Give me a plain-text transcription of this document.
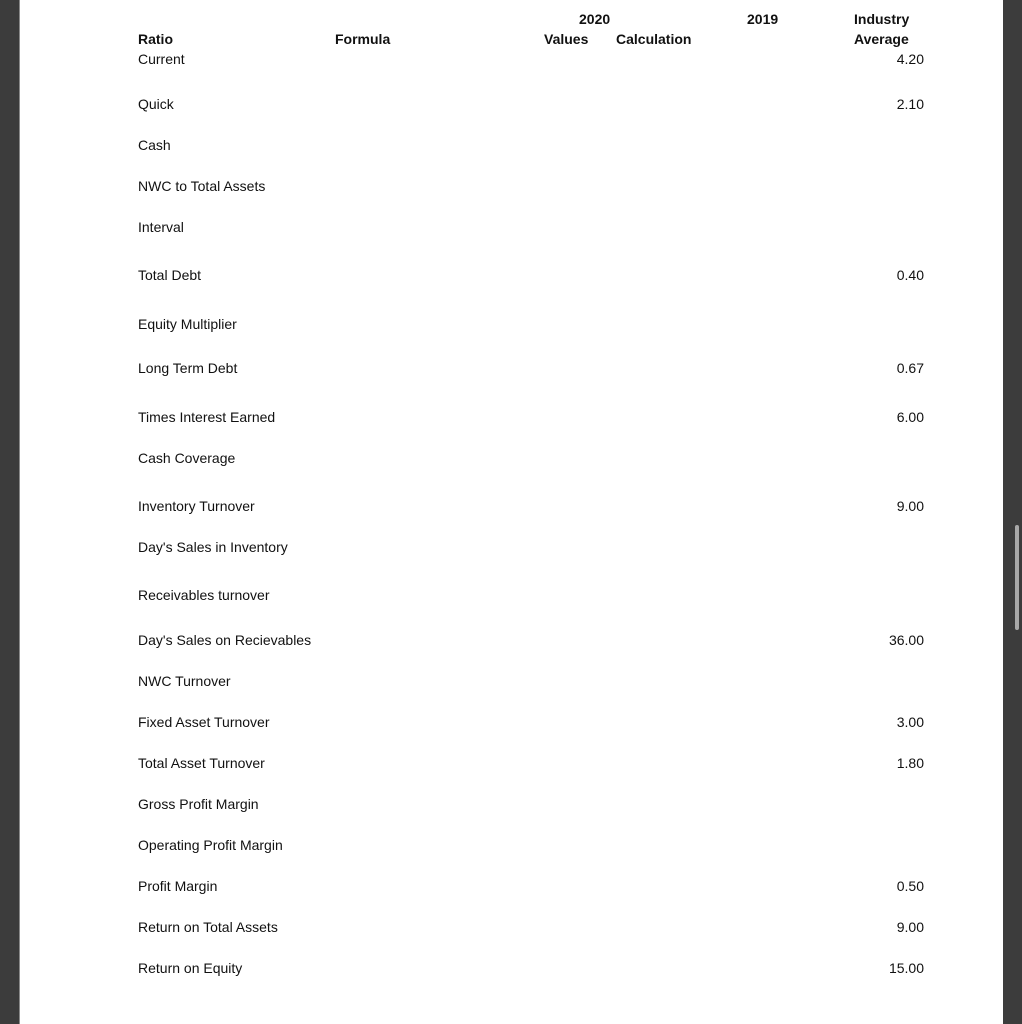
2020	2019	Industry
Ratio	Formula	Values Calculation	Average
Current	4.20
Quick	2.10
Cash
NWC to Total Assets
Interval
Total Debt	0.40
Equity Multiplier
Long Term Debt	0.67
Times Interest Earned	6.00
Cash Coverage
Inventory Turnover	9.00
Day's Sales in Inventory
Receivables turnover
Day's Sales on Recievables	36.00
NWC Turnover
Fixed Asset Turnover	3.00
Total Asset Turnover	1.80
Gross Profit Margin
Operating Profit Margin
Profit Margin	0.50
Return on Total Assets	9.00
Return on Equity	15.00
